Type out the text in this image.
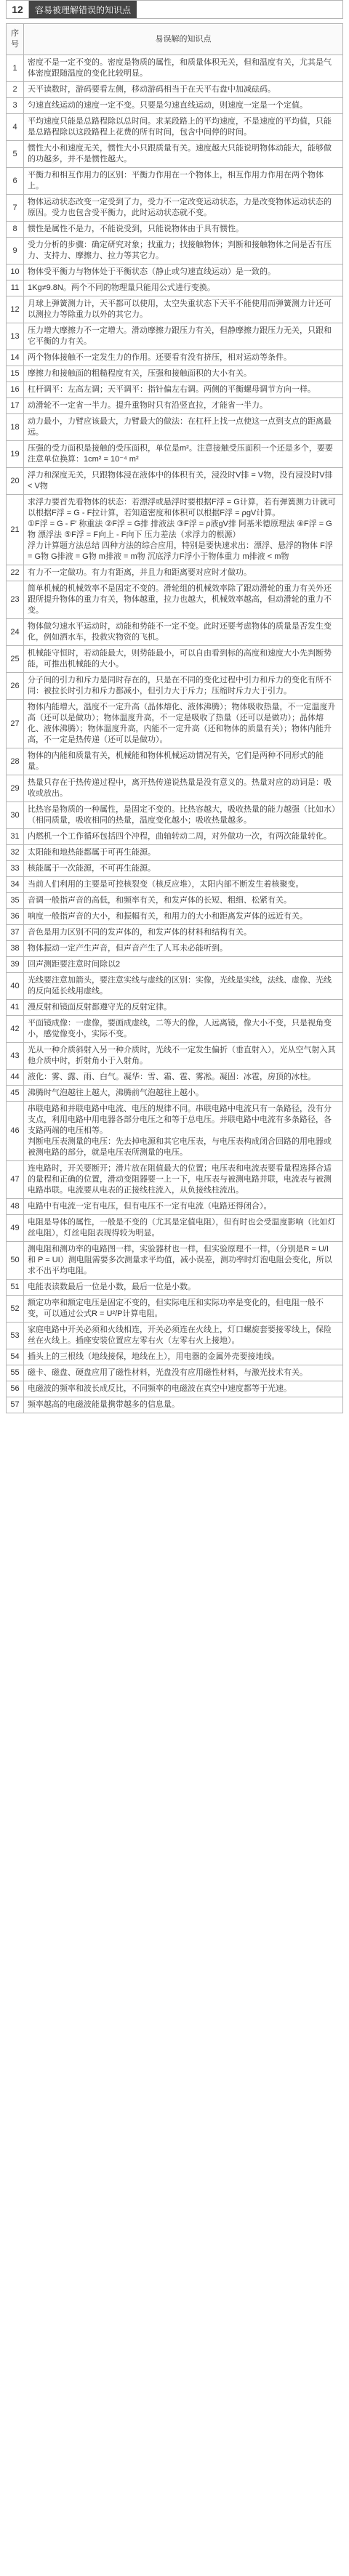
12	容易被理解错误的知识点
序号	易误解的知识点
1	密度不是一定不变的。密度是物质的属性，和质量体积无关，但和温度有关，尤其是气体密度跟随温度的变化比较明显。
2	天平读数时，游码要看左侧，移动游码相当于在天平右盘中加减砝码。
3	匀速直线运动的速度一定不变。只要是匀速直线运动，则速度一定是一个定值。
4	平均速度只能是总路程除以总时间。求某段路上的平均速度，不是速度的平均值，只能是总路程除以这段路程上花费的所有时间，包含中间停的时间。
5	惯性大小和速度无关，惯性大小只跟质量有关。速度越大只能说明物体动能大，能够做的功越多，并不是惯性越大。
6	平衡力和相互作用力的区别：平衡力作用在一个物体上，相互作用力作用在两个物体上。
7	物体运动状态改变一定受到了力，受力不一定改变运动状态，力是改变物体运动状态的原因。受力也包含受平衡力，此时运动状态就不变。
8	惯性是属性不是力，不能说受到，只能说物体由于具有惯性。
9	受力分析的步骤：确定研究对象；找重力；找接触物体；判断和接触物体之间是否有压力、支持力、摩擦力、拉力等其它力。
10	物体受平衡力与物体处于平衡状态（静止或匀速直线运动）是一致的。
11	1Kg≠9.8N。两个不同的物理量只能用公式进行变换。
12	月球上弹簧测力计，天平都可以使用，太空失重状态下天平不能使用而弹簧测力计还可以测拉力等除重力以外的其它力。
13	压力增大摩擦力不一定增大。滑动摩擦力跟压力有关，但静摩擦力跟压力无关，只跟和它平衡的力有关。
14	两个物体接触不一定发生力的作用。还要看有没有挤压，相对运动等条件。
15	摩擦力和接触面的粗糙程度有关，压强和接触面积的大小有关。
16	杠杆调平：左高左调；天平调平：指针偏左右调。两侧的平衡螺母调节方向一样。
17	动滑轮不一定省一半力。提升重物时只有沿竖直拉，才能省一半力。
18	动力最小，力臂应该最大，力臂最大的做法：在杠杆上找一点使这一点到支点的距离最远。
19	压强的受力面积是接触的受压面积，单位是m²。注意接触受压面积一个还是多个，要要注意单位换算：1cm² = 10⁻⁴ m²
20	浮力和深度无关，只跟物体浸在液体中的体积有关，浸没时V排 = V物，没有浸没时V排 < V物
21	求浮力要首先看物体的状态：若漂浮或悬浮时要根据F浮 = G计算，若有弹簧测力计就可以根据F浮 = G - F拉计算，若知道密度和体积可以根据F浮 = ρgV计算。
①F浮 = G - F′ 称重法 ②F浮 = G排 排液法 ③F浮 = ρ液gV排 阿基米德原理法 ④F浮 = G物 漂浮法 ⑤F浮 = F向上 - F向下 压力差法（求浮力的根源）
浮力计算题方法总结 四种方法的综合应用，特别是要快速求出：漂浮、悬浮的物体 F浮 = G物 G排液 = G物 m排液 = m物 沉底浮力F浮小于物体重力 m排液 < m物
22	有力不一定做功。有力有距离，并且力和距离要对应时才做功。
23	简单机械的机械效率不是固定不变的。滑轮组的机械效率除了跟动滑轮的重力有关外还跟所提升物体的重力有关，物体越重，拉力也越大，机械效率越高，但动滑轮的重力不变。
24	物体做匀速水平运动时，动能和势能不一定不变。此时还要考虑物体的质量是否发生变化，例如洒水车，投救灾物资的飞机。
25	机械能守恒时，若动能最大，则势能最小，可以自由看到标的高度和速度大小先判断势能，可推出机械能的大小。
26	分子间的引力和斥力是同时存在的，只是在不同的变化过程中引力和斥力的变化有所不同：被拉长时引力和斥力都减小，但引力大于斥力；压缩时斥力大于引力。
27	物体内能增大，温度不一定升高（晶体熔化、液体沸腾）；物体吸收热量，不一定温度升高（还可以是做功）；物体温度升高，不一定是吸收了热量（还可以是做功）；晶体熔化、液体沸腾）；物体温度升高，内能不一定升高（还和物体的质量有关）；物体内能升高，不一定是热传递（还可以是做功）。
28	物体的内能和质量有关，机械能和物体机械运动情况有关，它们是两种不同形式的能量。
29	热量只存在于热传递过程中，离开热传递说热量是没有意义的。热量对应的动词是：吸收或放出。
30	比热容是物质的一种属性，是固定不变的。比热容越大，吸收热量的能力越强（比如水）（相同质量，吸收相同的热量，温度变化越小；吸收热量越多。
31	内燃机一个工作循环包括四个冲程，曲轴转动二周，对外做功一次，有两次能量转化。
32	太阳能和地热能都属于可再生能源。
33	核能属于一次能源，不可再生能源。
34	当前人们利用的主要是可控核裂变（核反应堆），太阳内部不断发生着核聚变。
35	音调一般指声音的高低，和频率有关，和发声体的长短、粗细、松紧有关。
36	响度一般指声音的大小，和振幅有关，和用力的大小和距离发声体的远近有关。
37	音色是用力区别不同的发声体的，和发声体的材料和结构有关。
38	物体振动一定产生声音，但声音产生了人耳未必能听到。
39	回声测距要注意时间除以2
40	光线要注意加箭头，要注意实线与虚线的区别：实像，光线是实线，法线、虚像、光线的反向延长线用虚线。
41	漫反射和镜面反射都遵守光的反射定律。
42	平面镜成像：一虚像，要画成虚线，二等大的像，人远离镜，像大小不变，只是视角变小，感觉像变小，实际不变。
43	光从一种介质斜射入另一种介质时，光线不一定发生偏折（垂直射入），光从空气射入其他介质中时，折射角小于入射角。
44	液化：雾、露、雨、白气。凝华：雪、霜、雹、雾凇。凝固：冰雹，房顶的冰柱。
45	沸腾时气泡越往上越大，沸腾前气泡越往上越小。
46	串联电路和并联电路中电流、电压的规律不同。串联电路中电流只有一条路径，没有分支点，利用电路中用电器各部分电压之和等于总电压。并联电路中电流有多条路径，各支路两端的电压相等。
判断电压表测量的电压：先去掉电源和其它电压表，与电压表构成闭合回路的用电器或被测电路的部分，就是电压表所测量的电压。
47	连电路时，开关要断开；滑片放在阻值最大的位置；电压表和电流表要看量程选择合适的量程和正确的位置，滑动变阻器要一上一下，电压表与被测电路并联，电流表与被测电路串联。电流要从电表的正接线柱流入，从负接线柱流出。
48	电路中有电流一定有电压，但有电压不一定有电流（电路还得闭合）。
49	电阻是导体的属性，一般是不变的（尤其是定值电阻），但有时也会受温度影响（比如灯丝电阻），灯丝电阻表现得较为明显。
50	测电阻和测功率的电路图一样，实验器材也一样，但实验原理不一样，（分别是R = U/I 和 P = UI）测电阻需要多次测量求平均值，减小误差，测功率时灯泡电阻会变化，所以求不出平均电阻。
51	电能表读数最后一位是小数，最后一位是小数。
52	额定功率和额定电压是固定不变的，但实际电压和实际功率是变化的，但电阻一般不变，可以通过公式R = U²/P计算电阻。
53	家庭电路中开关必须和火线相连，开关必须连在火线上，灯口螺旋套要接零线上，保险丝在火线上。插座安装位置应左零右火（左零右火上接地）。
54	插头上的三根线（地线接保，地线在上），用电器的金属外壳要接地线。
55	磁卡、磁盘、硬盘应用了磁性材料，光盘没有应用磁性材料，与激光技术有关。
56	电磁波的频率和波长成反比，不同频率的电磁波在真空中速度都等于光速。
57	频率越高的电磁波能量携带越多的信息量。
